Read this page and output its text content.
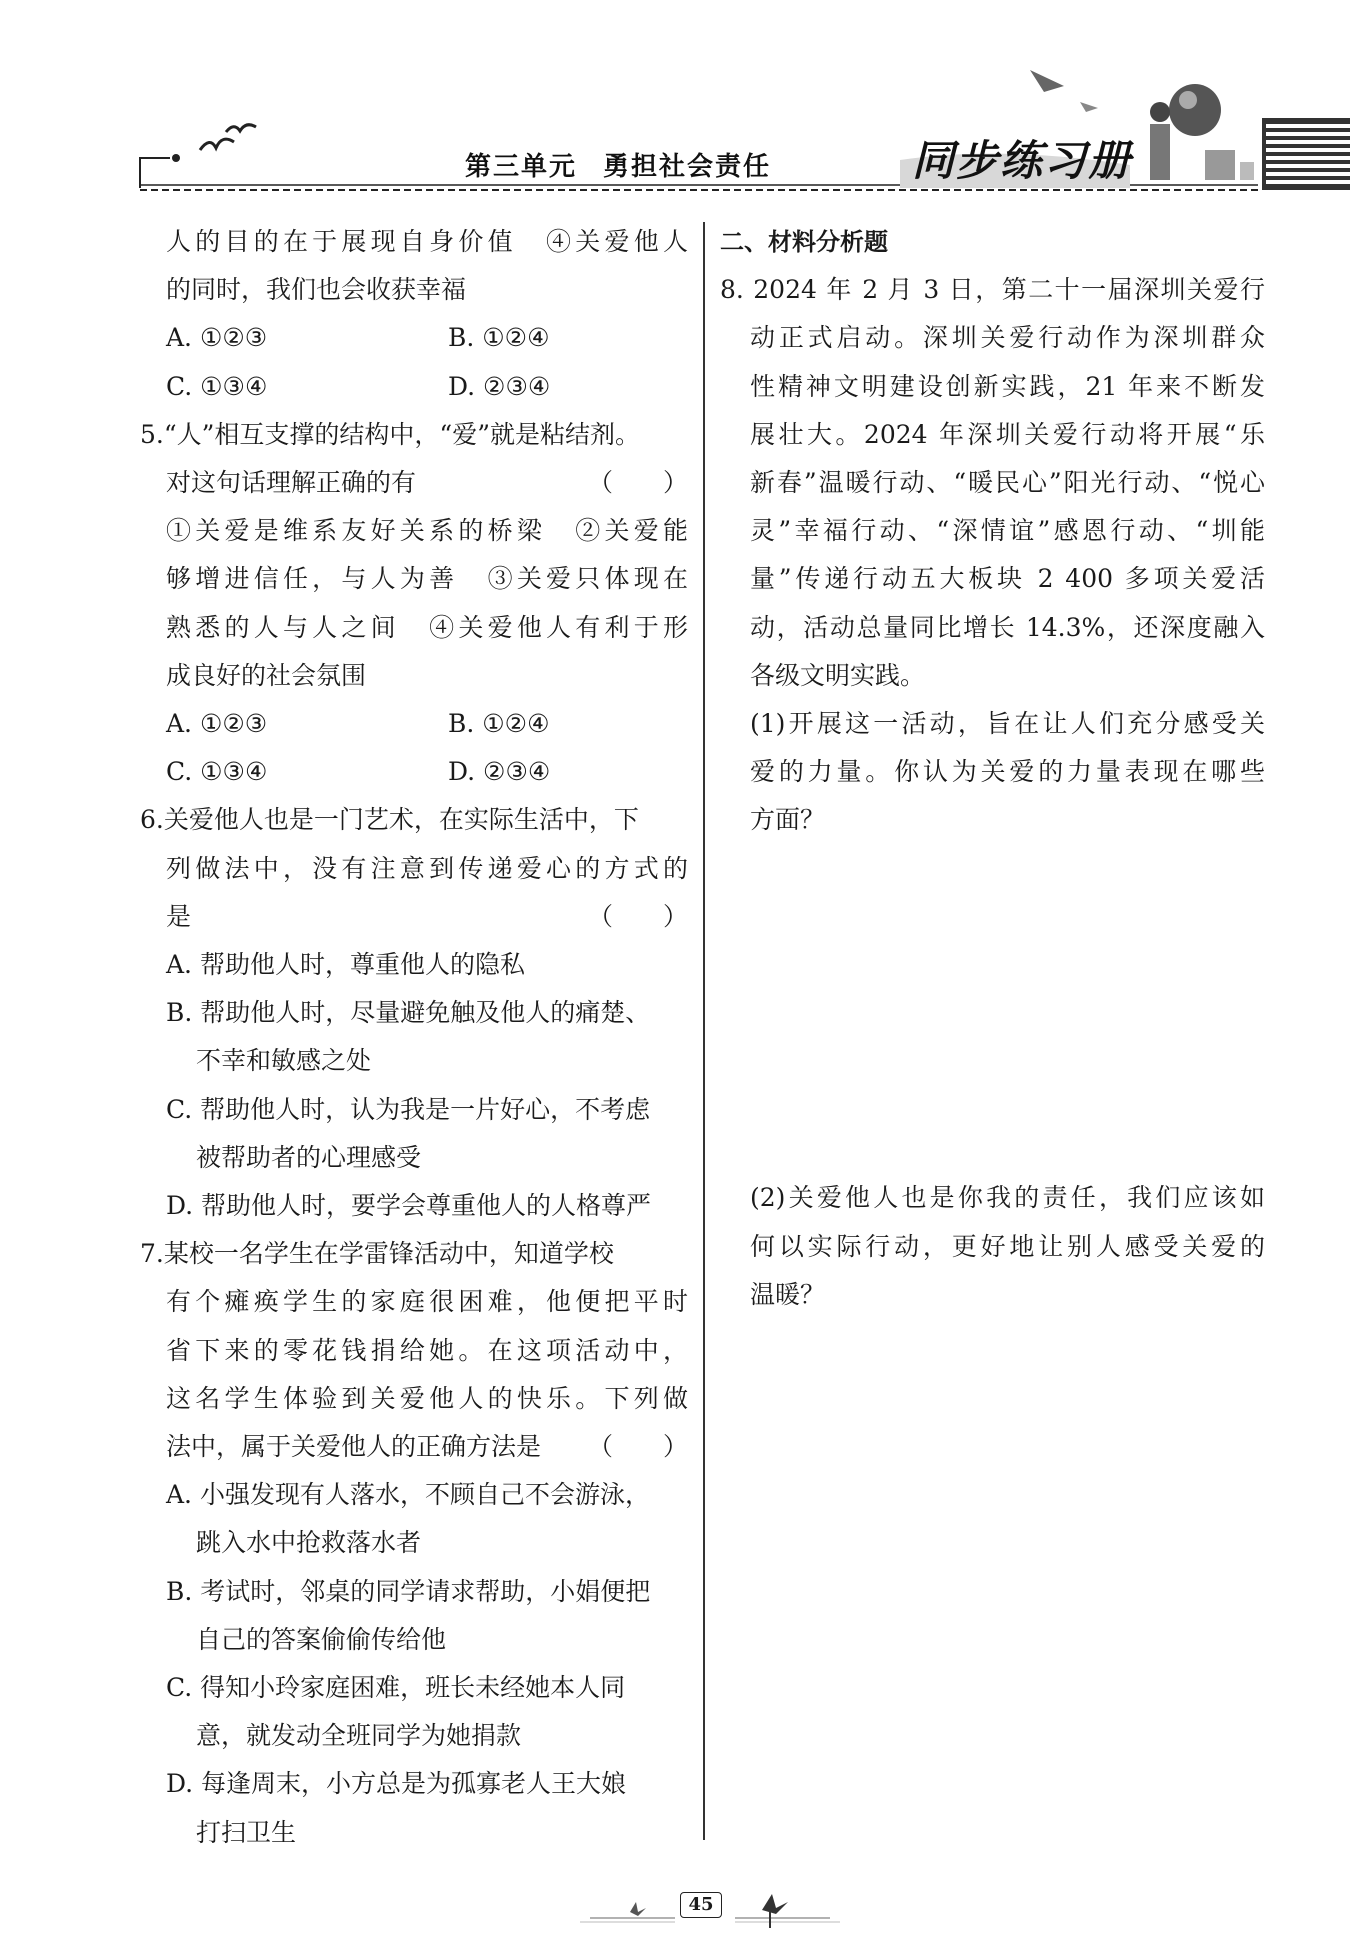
第三单元 勇担社会责任	同步练习册
人的目的在于展现自身价值　④关爱他人
的同时，我们也会收获幸福
A. ①②③	B. ①②④
C. ①③④	D. ②③④
5.“人”相互支撑的结构中，“爱”就是粘结剂。
对这句话理解正确的有	（　　）
①关爱是维系友好关系的桥梁　②关爱能
够增进信任，与人为善　③关爱只体现在
熟悉的人与人之间　④关爱他人有利于形
成良好的社会氛围
A. ①②③	B. ①②④
C. ①③④	D. ②③④
6.关爱他人也是一门艺术，在实际生活中，下
列做法中，没有注意到传递爱心的方式的
是	（　　）
A. 帮助他人时，尊重他人的隐私
B. 帮助他人时，尽量避免触及他人的痛楚、
不幸和敏感之处
C. 帮助他人时，认为我是一片好心，不考虑
被帮助者的心理感受
D. 帮助他人时，要学会尊重他人的人格尊严
7.某校一名学生在学雷锋活动中，知道学校
有个瘫痪学生的家庭很困难，他便把平时
省下来的零花钱捐给她。在这项活动中，
这名学生体验到关爱他人的快乐。下列做
法中，属于关爱他人的正确方法是 （　　）
A. 小强发现有人落水，不顾自己不会游泳，
跳入水中抢救落水者
B. 考试时，邻桌的同学请求帮助，小娟便把
自己的答案偷偷传给他
C. 得知小玲家庭困难，班长未经她本人同
意，就发动全班同学为她捐款
D. 每逢周末，小方总是为孤寡老人王大娘
打扫卫生
二、材料分析题
8. 2024 年 2 月 3 日，第二十一届深圳关爱行
动正式启动。深圳关爱行动作为深圳群众
性精神文明建设创新实践，21 年来不断发
展壮大。2024 年深圳关爱行动将开展“乐
新春”温暖行动、“暖民心”阳光行动、“悦心
灵”幸福行动、“深情谊”感恩行动、“圳能
量”传递行动五大板块 2 400 多项关爱活
动，活动总量同比增长 14.3%，还深度融入
各级文明实践。
(1)开展这一活动，旨在让人们充分感受关
爱的力量。你认为关爱的力量表现在哪些
方面？
(2)关爱他人也是你我的责任，我们应该如
何以实际行动，更好地让别人感受关爱的
温暖？
45
